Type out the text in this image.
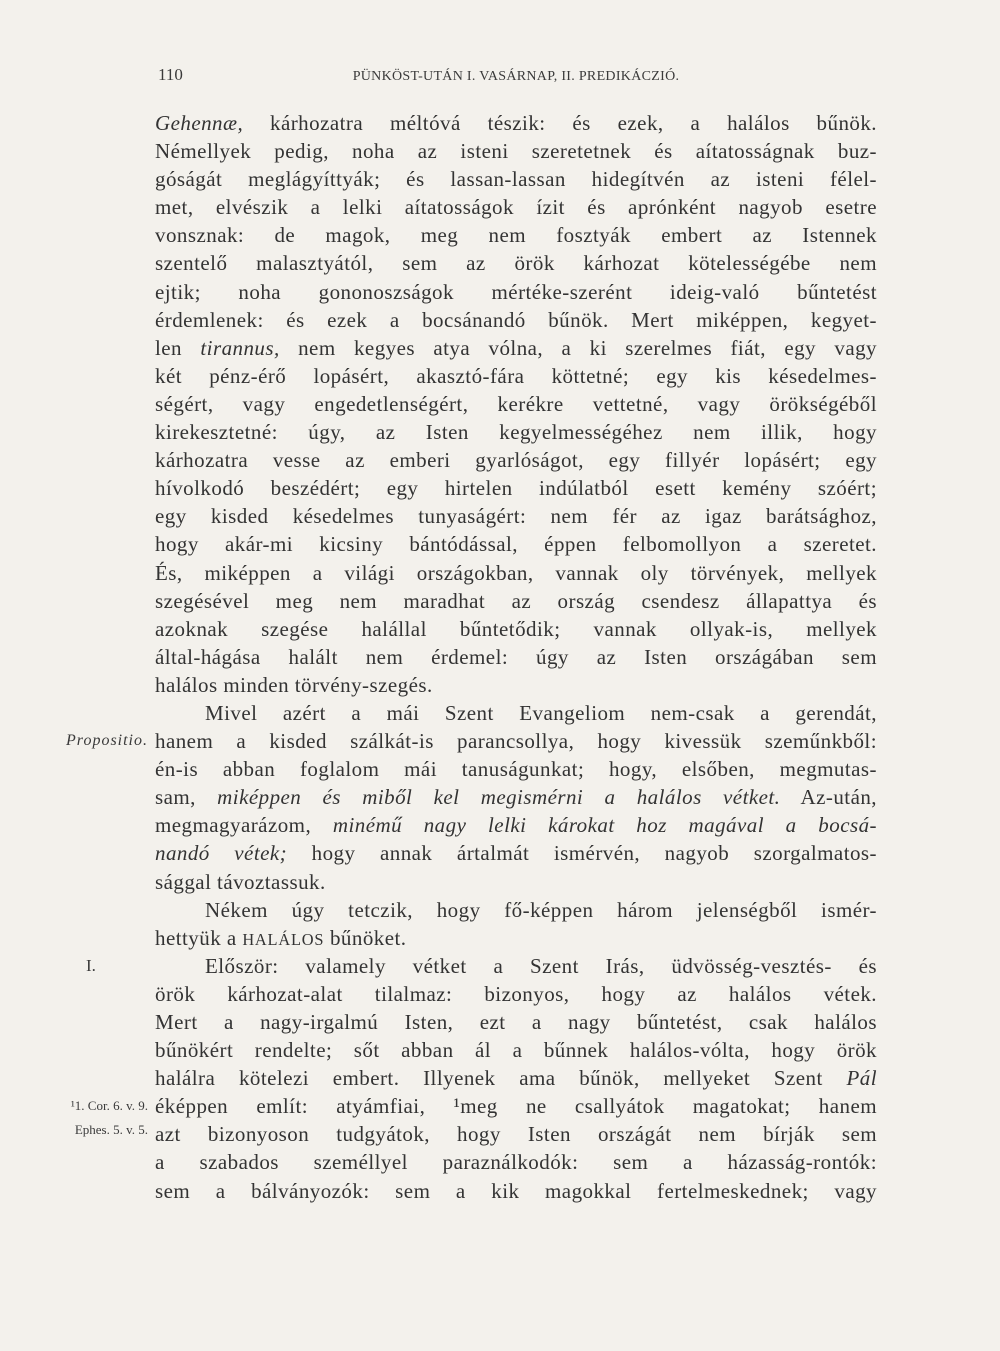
110	PÜNKÖST-UTÁN I. VASÁRNAP, II. PREDIKÁCZIÓ.
Propositio.
I.
¹1. Cor. 6. v. 9.
Ephes. 5. v. 5.
Gehennæ, kárhozatra méltóvá tészik: és ezek, a halálos bűnök.
Némellyek pedig, noha az isteni szeretetnek és aítatosságnak buz-
góságát meglágyíttyák; és lassan-lassan hidegítvén az isteni félel-
met, elvészik a lelki aítatosságok ízit és aprónként nagyob esetre
vonsznak: de magok, meg nem fosztyák embert az Istennek
szentelő malasztyától, sem az örök kárhozat kötelességébe nem
ejtik; noha gononoszságok mértéke-szerént ideig-való bűntetést
érdemlenek: és ezek a bocsánandó bűnök. Mert miképpen, kegyet-
len tirannus, nem kegyes atya vólna, a ki szerelmes fiát, egy vagy
két pénz-érő lopásért, akasztó-fára köttetné; egy kis késedelmes-
ségért, vagy engedetlenségért, kerékre vettetné, vagy örökségéből
kirekesztetné: úgy, az Isten kegyelmességéhez nem illik, hogy
kárhozatra vesse az emberi gyarlóságot, egy fillyér lopásért; egy
hívolkodó beszédért; egy hirtelen indúlatból esett kemény szóért;
egy kisded késedelmes tunyaságért: nem fér az igaz barátsághoz,
hogy akár-mi kicsiny bántódással, éppen felbomollyon a szeretet.
És, miképpen a világi országokban, vannak oly törvények, mellyek
szegésével meg nem maradhat az ország csendesz állapattya és
azoknak szegése halállal bűntetődik; vannak ollyak-is, mellyek
által-hágása halált nem érdemel: úgy az Isten országában sem
halálos minden törvény-szegés.
Mivel azért a mái Szent Evangeliom nem-csak a gerendát,
hanem a kisded szálkát-is parancsollya, hogy kivessük szeműnkből:
én-is abban foglalom mái tanuságunkat; hogy, elsőben, megmutas-
sam, miképpen és miből kel megismérni a halálos vétket. Az-után,
megmagyarázom, minémű nagy lelki károkat hoz magával a bocsá-
nandó vétek; hogy annak ártalmát ismérvén, nagyob szorgalmatos-
sággal távoztassuk.
Nékem úgy tetczik, hogy fő-képpen három jelenségből ismér-
hettyük a HALÁLOS bűnöket.
Először: valamely vétket a Szent Irás, üdvösség-vesztés- és
örök kárhozat-alat tilalmaz: bizonyos, hogy az halálos vétek.
Mert a nagy-irgalmú Isten, ezt a nagy bűntetést, csak halálos
bűnökért rendelte; sőt abban ál a bűnnek halálos-vólta, hogy örök
halálra kötelezi embert. Illyenek ama bűnök, mellyeket Szent Pál
éképpen említ: atyámfiai, ¹meg ne csallyátok magatokat; hanem
azt bizonyoson tudgyátok, hogy Isten országát nem bírják sem
a szabados személlyel paraználkodók: sem a házasság-rontók:
sem a bálványozók: sem a kik magokkal fertelmeskednek; vagy
